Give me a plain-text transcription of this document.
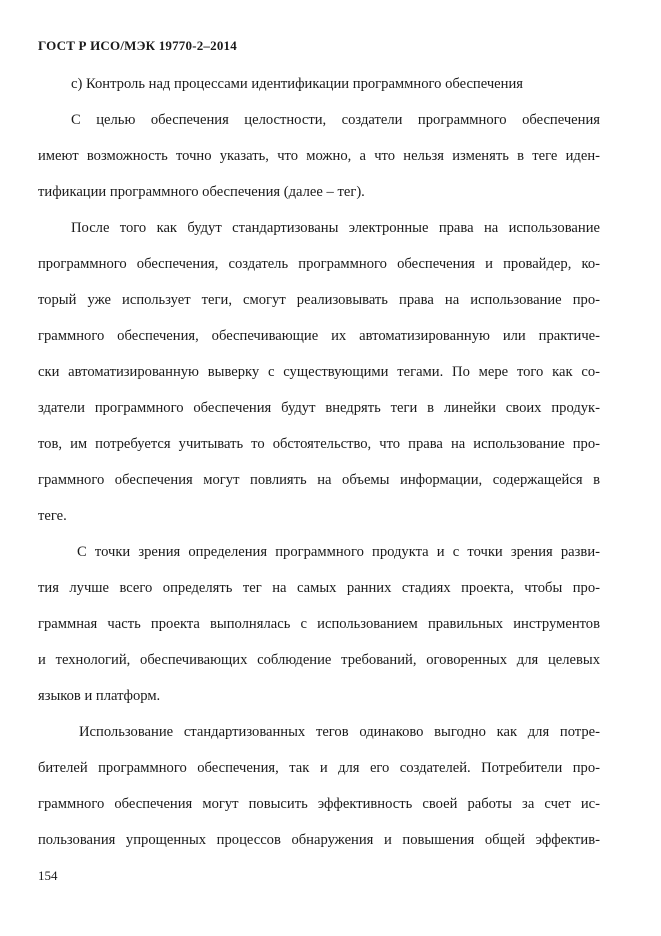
ГОСТ Р ИСО/МЭК 19770-2–2014
с) Контроль над процессами идентификации программного обеспечения
С целью обеспечения целостности, создатели программного обеспечения
имеют возможность точно указать, что можно, а что нельзя изменять в теге иден-
тификации программного обеспечения (далее – тег).
После того как будут стандартизованы электронные права на использование
программного обеспечения, создатель программного обеспечения и провайдер, ко-
торый уже использует теги, смогут реализовывать права на использование про-
граммного обеспечения, обеспечивающие их автоматизированную или практиче-
ски автоматизированную выверку с существующими тегами. По мере того как со-
здатели программного обеспечения будут внедрять теги в линейки своих продук-
тов, им потребуется учитывать то обстоятельство, что права на использование про-
граммного обеспечения могут повлиять на объемы информации, содержащейся в
теге.
С точки зрения определения программного продукта и с точки зрения разви-
тия лучше всего определять тег на самых ранних стадиях проекта, чтобы про-
граммная часть проекта выполнялась с использованием правильных инструментов
и технологий, обеспечивающих соблюдение требований, оговоренных для целевых
языков и платформ.
Использование стандартизованных тегов одинаково выгодно как для потре-
бителей программного обеспечения, так и для его создателей. Потребители про-
граммного обеспечения могут повысить эффективность своей работы за счет ис-
пользования упрощенных процессов обнаружения и повышения общей эффектив-
154
